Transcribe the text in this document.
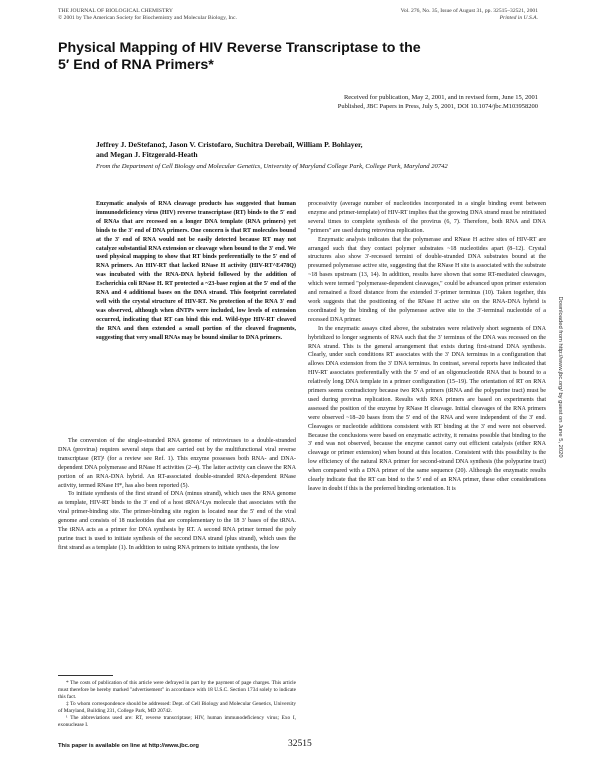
THE JOURNAL OF BIOLOGICAL CHEMISTRY
© 2001 by The American Society for Biochemistry and Molecular Biology, Inc.
Vol. 276, No. 35, Issue of August 31, pp. 32515–32521, 2001
Printed in U.S.A.
Physical Mapping of HIV Reverse Transcriptase to the
5′ End of RNA Primers*
Received for publication, May 2, 2001, and in revised form, June 15, 2001
Published, JBC Papers in Press, July 5, 2001, DOI 10.1074/jbc.M103958200
Jeffrey J. DeStefano‡, Jason V. Cristofaro, Suchitra Derebail, William P. Bohlayer,
and Megan J. Fitzgerald-Heath
From the Department of Cell Biology and Molecular Genetics, University of Maryland College Park, College Park, Maryland 20742
Enzymatic analysis of RNA cleavage products has suggested that human immunodeficiency virus (HIV) reverse transcriptase (RT) binds to the 5′ end of RNAs that are recessed on a longer DNA template (RNA primers) yet binds to the 3′ end of DNA primers. One concern is that RT molecules bound at the 3′ end of RNA would not be easily detected because RT may not catalyze substantial RNA extension or cleavage when bound to the 3′ end. We used physical mapping to show that RT binds preferentially to the 5′ end of RNA primers. An HIV-RT that lacked RNase H activity (HIV-RT^E478Q) was incubated with the RNA-DNA hybrid followed by the addition of Escherichia coli RNase H. RT protected a ~23-base region at the 5′ end of the RNA and 4 additional bases on the DNA strand. This footprint correlated well with the crystal structure of HIV-RT. No protection of the RNA 3′ end was observed, although when dNTPs were included, low levels of extension occurred, indicating that RT can bind this end. Wild-type HIV-RT cleaved the RNA and then extended a small portion of the cleaved fragments, suggesting that very small RNAs may be bound similar to DNA primers.

The conversion of the single-stranded RNA genome of retroviruses to a double-stranded DNA (provirus) requires several steps that are carried out by the multifunctional viral reverse transcriptase (RT)¹ (for a review see Ref. 1). This enzyme possesses both RNA- and DNA-dependent DNA polymerase and RNase H activities (2–4). The latter activity can cleave the RNA portion of an RNA-DNA hybrid. An RT-associated double-stranded RNA-dependent RNase activity, termed RNase H*, has also been reported (5).

To initiate synthesis of the first strand of DNA (minus strand), which uses the RNA genome as template, HIV-RT binds to the 3′ end of a host tRNA^Lys molecule that associates with the viral primer-binding site. The primer-binding site region is located near the 5′ end of the viral genome and consists of 18 nucleotides that are complementary to the 18 3′ bases of the tRNA. The tRNA acts as a primer for DNA synthesis by RT. A second RNA primer termed the poly purine tract is used to initiate synthesis of the second DNA strand (plus strand), which uses the first strand as a template (1). In addition to using RNA primers to initiate synthesis, the low

processivity (average number of nucleotides incorporated in a single binding event between enzyme and primer-template) of HIV-RT implies that the growing DNA strand must be reinitiated several times to complete synthesis of the provirus (6, 7). Therefore, both RNA and DNA "primers" are used during retrovirus replication.

Enzymatic analysis indicates that the polymerase and RNase H active sites of HIV-RT are arranged such that they contact polymer substrates ~18 nucleotides apart (8–12). Crystal structures also show 3′-recessed termini of double-stranded DNA substrates bound at the presumed polymerase active site, suggesting that the RNase H site is associated with the substrate ~18 bases upstream (13, 14). In addition, results have shown that some RT-mediated cleavages, which were termed "polymerase-dependent cleavages," could be advanced upon primer extension and remained a fixed distance from the extended 3′-primer terminus (10). Taken together, this work suggests that the positioning of the RNase H active site on the RNA-DNA hybrid is coordinated by the binding of the polymerase active site to the 3′-terminal nucleotide of a recessed DNA primer.

In the enzymatic assays cited above, the substrates were relatively short segments of DNA hybridized to longer segments of RNA such that the 3′ terminus of the DNA was recessed on the RNA strand. This is the general arrangement that exists during first-strand DNA synthesis. Clearly, under such conditions RT associates with the 3′ DNA terminus in a configuration that allows DNA extension from the 3′ DNA terminus. In contrast, several reports have indicated that HIV-RT associates preferentially with the 5′ end of an oligonucleotide RNA that is bound to a relatively long DNA template in a primer configuration (15–19). The orientation of RT on RNA primers seems contradictory because two RNA primers (tRNA and the polypurine tract) must be used during provirus replication. Results with RNA primers are based on experiments that assessed the position of the enzyme by RNase H cleavage. Initial cleavages of the RNA primers were observed ~18–20 bases from the 5′ end of the RNA and were independent of the 3′ end. Cleavages or nucleotide additions consistent with RT binding at the 3′ end were not observed. Because the conclusions were based on enzymatic activity, it remains possible that binding to the 3′ end was not observed, because the enzyme cannot carry out efficient catalysis (either RNA cleavage or primer extension) when bound at this location. Consistent with this possibility is the low efficiency of the natural RNA primer for second-strand DNA synthesis (the polypurine tract) when compared with a DNA primer of the same sequence (20). Although the enzymatic results clearly indicate that the RT can bind to the 5′ end of an RNA primer, these other considerations leave in doubt if this is the preferred binding orientation. It is

* The costs of publication of this article were defrayed in part by the payment of page charges. This article must therefore be hereby marked "advertisement" in accordance with 18 U.S.C. Section 1734 solely to indicate this fact.

‡ To whom correspondence should be addressed: Dept. of Cell Biology and Molecular Genetics, University of Maryland, Building 231, College Park, MD 20742.

¹ The abbreviations used are: RT, reverse transcriptase; HIV, human immunodeficiency virus; Exo I, exonuclease I.

This paper is available on line at http://www.jbc.org	32515
Downloaded from http://www.jbc.org/ by guest on June 5, 2020
